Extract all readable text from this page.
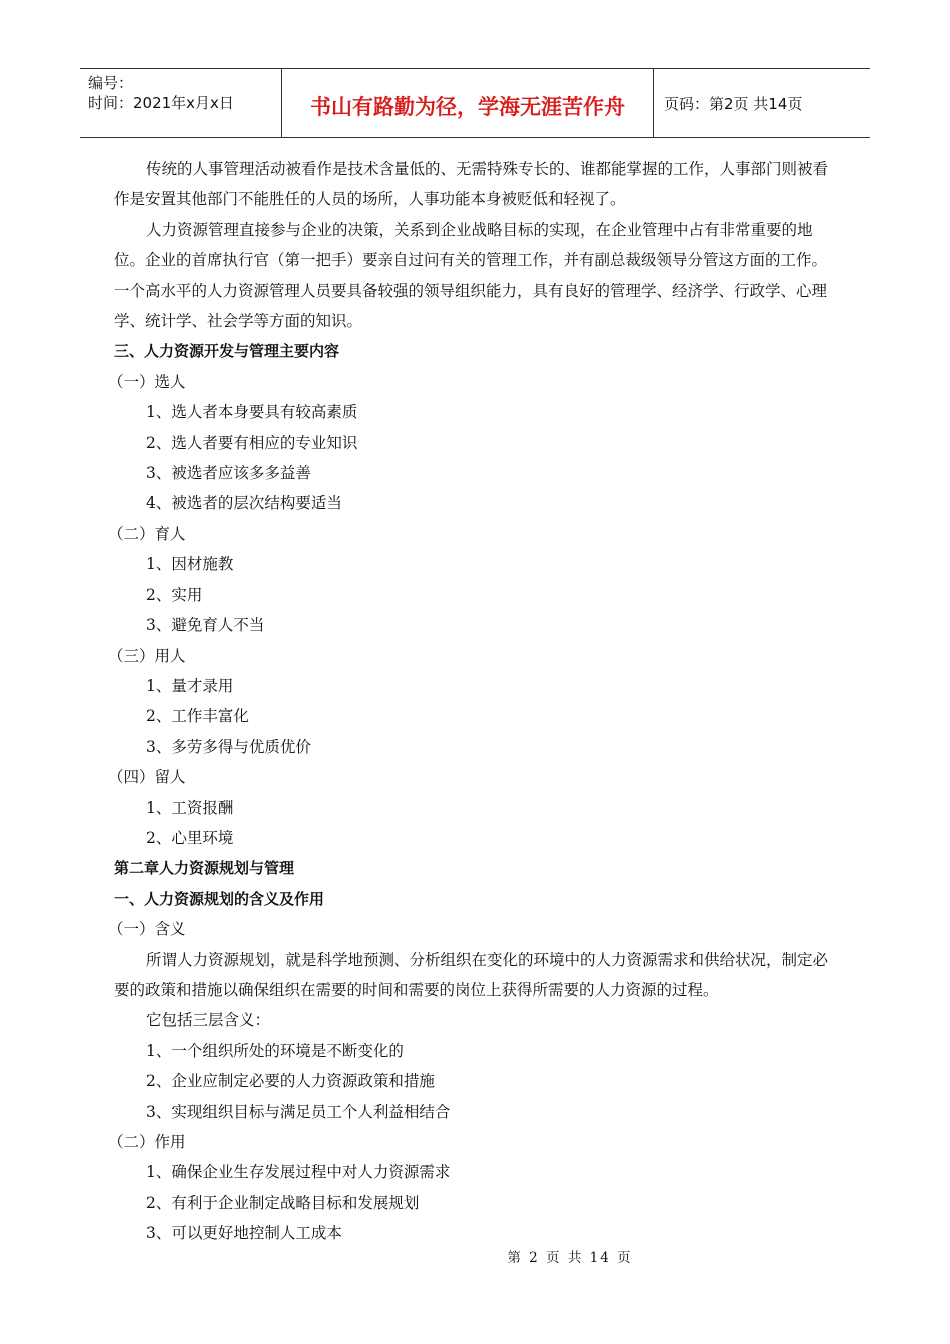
编号：
时间：2021年x月x日	书山有路勤为径，学海无涯苦作舟	页码：第2页 共14页

传统的人事管理活动被看作是技术含量低的、无需特殊专长的、谁都能掌握的工作，人事部门则被看作是安置其他部门不能胜任的人员的场所，人事功能本身被贬低和轻视了。

人力资源管理直接参与企业的决策，关系到企业战略目标的实现，在企业管理中占有非常重要的地位。企业的首席执行官（第一把手）要亲自过问有关的管理工作，并有副总裁级领导分管这方面的工作。一个高水平的人力资源管理人员要具备较强的领导组织能力，具有良好的管理学、经济学、行政学、心理学、统计学、社会学等方面的知识。

三、人力资源开发与管理主要内容

（一）选人

1、选人者本身要具有较高素质

2、选人者要有相应的专业知识

3、被选者应该多多益善

4、被选者的层次结构要适当

（二）育人

1、因材施教

2、实用

3、避免育人不当

（三）用人

1、量才录用

2、工作丰富化

3、多劳多得与优质优价

（四）留人

1、工资报酬

2、心里环境

第二章人力资源规划与管理

一、人力资源规划的含义及作用

（一）含义

所谓人力资源规划，就是科学地预测、分析组织在变化的环境中的人力资源需求和供给状况，制定必要的政策和措施以确保组织在需要的时间和需要的岗位上获得所需要的人力资源的过程。

它包括三层含义：

1、一个组织所处的环境是不断变化的

2、企业应制定必要的人力资源政策和措施

3、实现组织目标与满足员工个人利益相结合

（二）作用

1、确保企业生存发展过程中对人力资源需求

2、有利于企业制定战略目标和发展规划

3、可以更好地控制人工成本

第 2 页 共 14 页
